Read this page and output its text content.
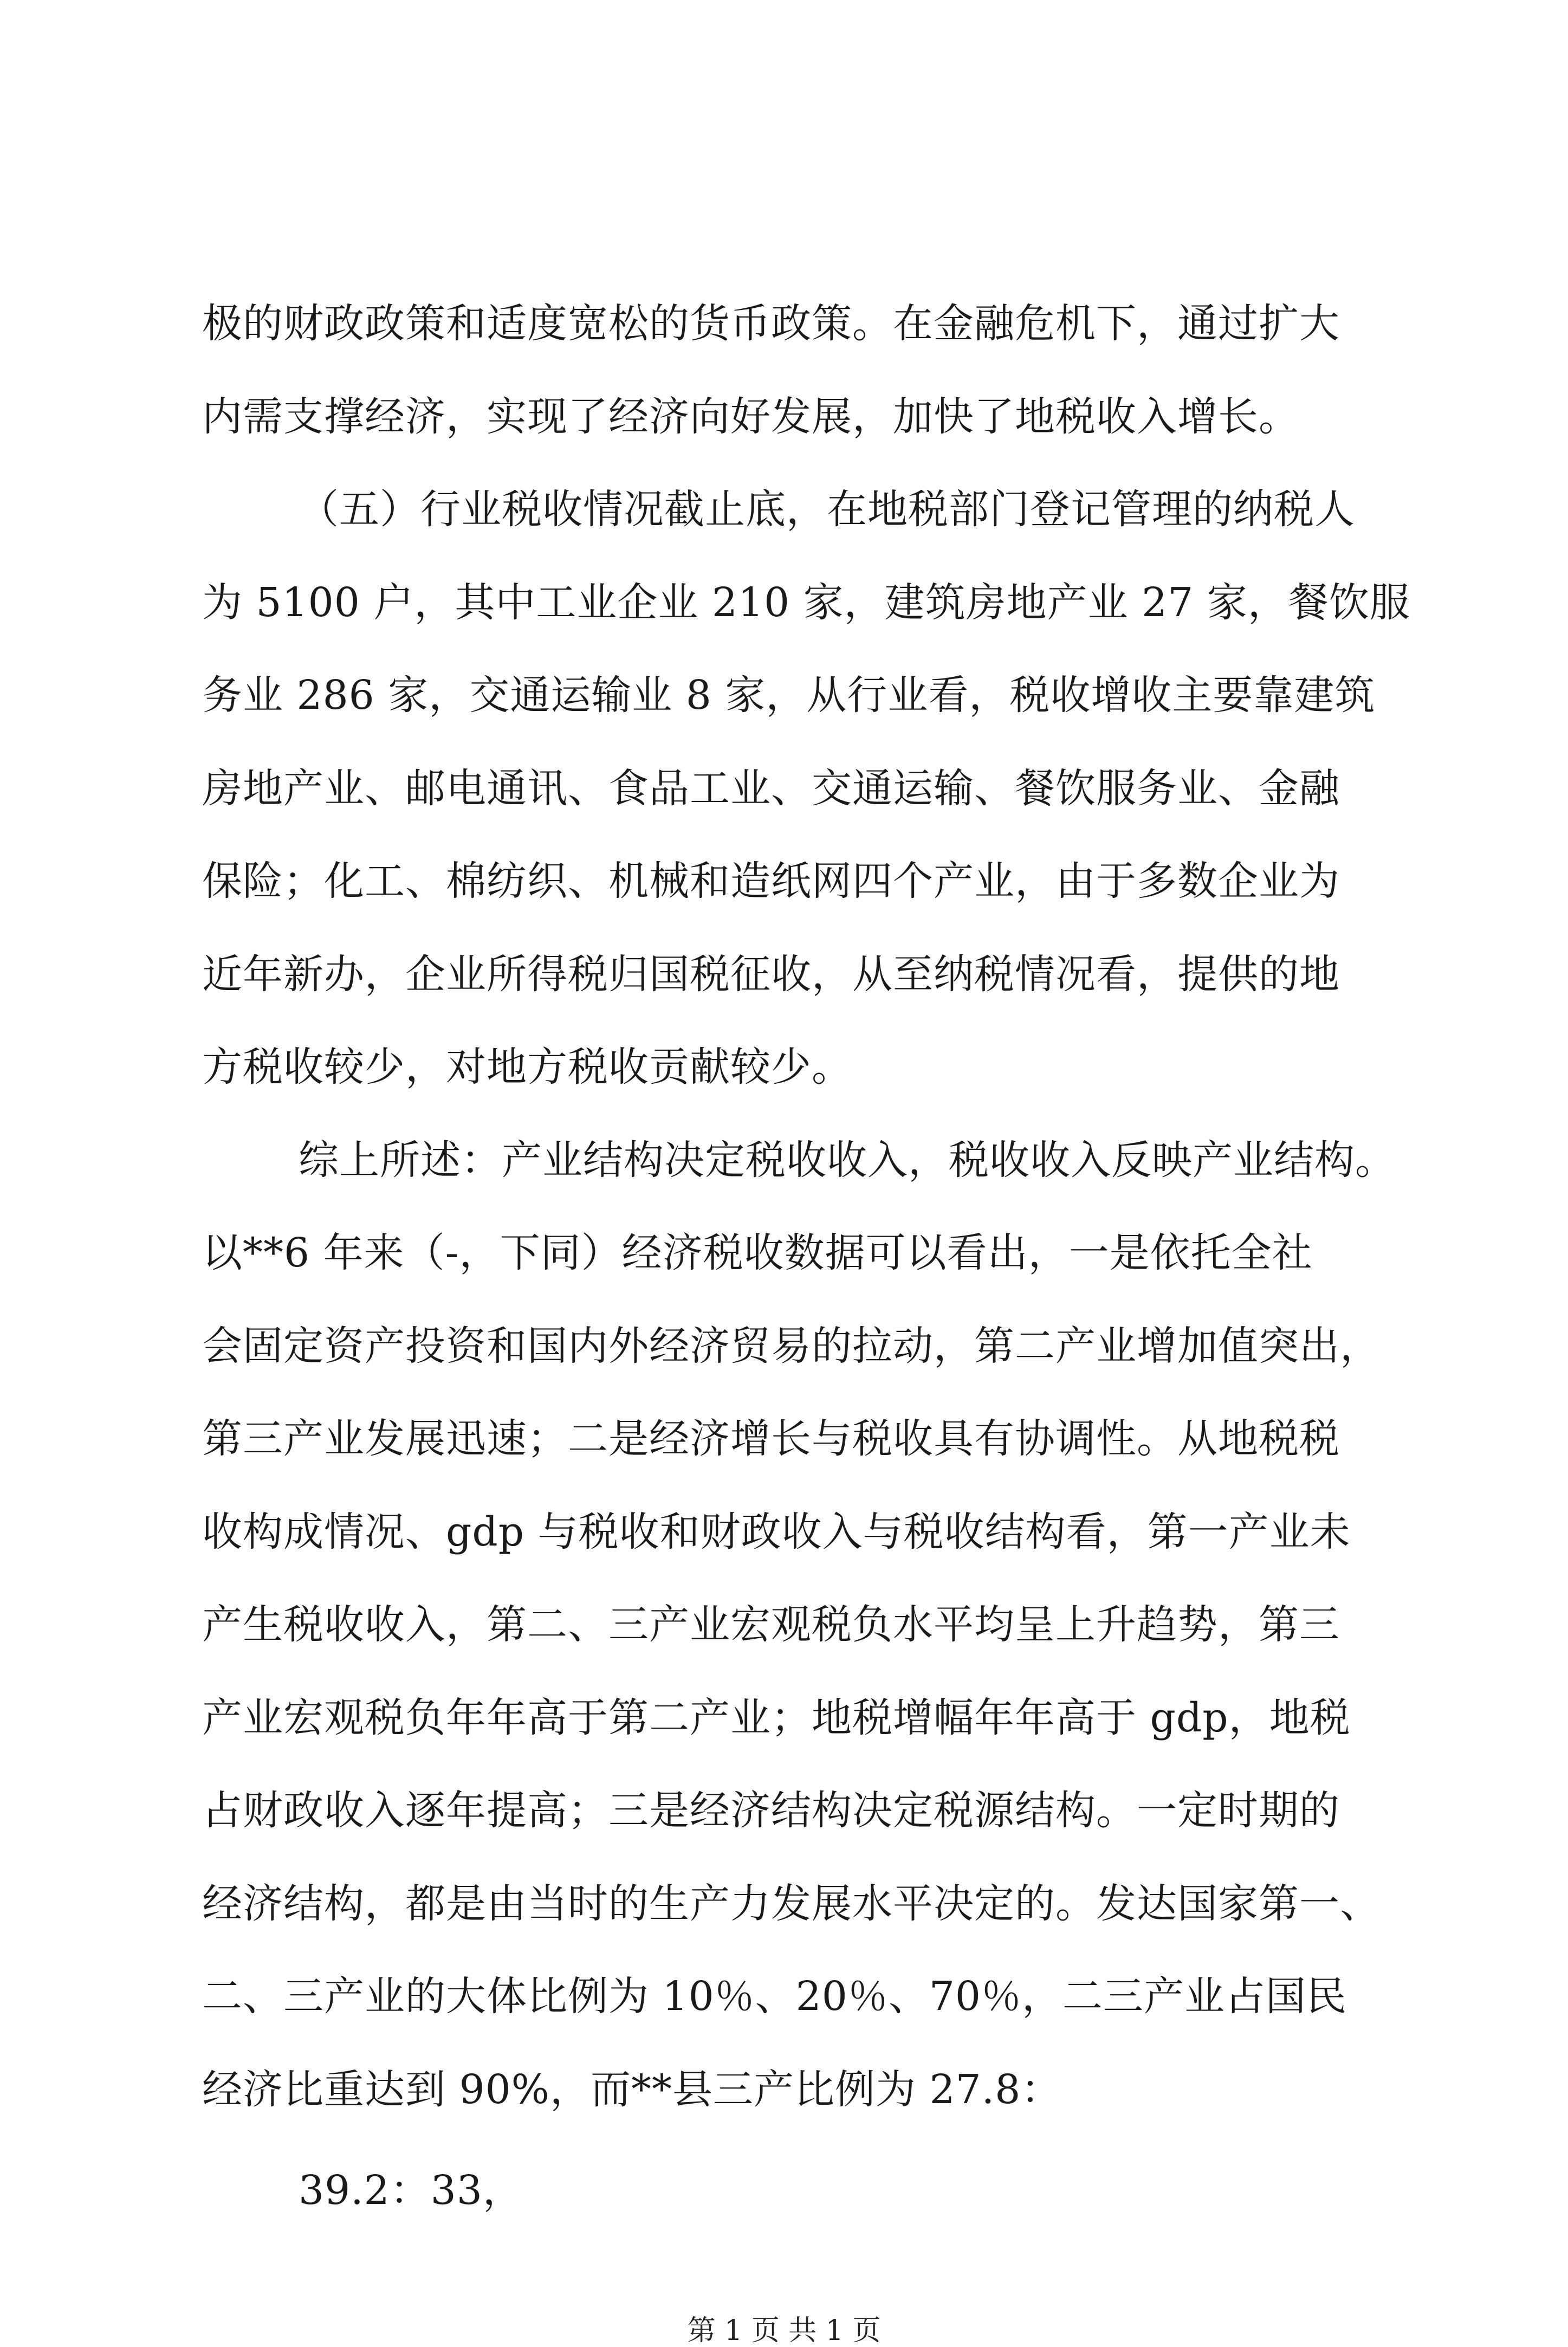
极的财政政策和适度宽松的货币政策。在金融危机下，通过扩大
内需支撑经济，实现了经济向好发展，加快了地税收入增长。
（五）行业税收情况截止底，在地税部门登记管理的纳税人
为 5100 户，其中工业企业 210 家，建筑房地产业 27 家，餐饮服
务业 286 家，交通运输业 8 家，从行业看，税收增收主要靠建筑
房地产业、邮电通讯、食品工业、交通运输、餐饮服务业、金融
保险；化工、棉纺织、机械和造纸网四个产业，由于多数企业为
近年新办，企业所得税归国税征收，从至纳税情况看，提供的地
方税收较少，对地方税收贡献较少。
综上所述：产业结构决定税收收入，税收收入反映产业结构。
以**6 年来（-，下同）经济税收数据可以看出，一是依托全社
会固定资产投资和国内外经济贸易的拉动，第二产业增加值突出，
第三产业发展迅速；二是经济增长与税收具有协调性。从地税税
收构成情况、gdp 与税收和财政收入与税收结构看，第一产业未
产生税收收入，第二、三产业宏观税负水平均呈上升趋势，第三
产业宏观税负年年高于第二产业；地税增幅年年高于 gdp，地税
占财政收入逐年提高；三是经济结构决定税源结构。一定时期的
经济结构，都是由当时的生产力发展水平决定的。发达国家第一、
二、三产业的大体比例为 10％、20％、70％，二三产业占国民
经济比重达到 90%，而**县三产比例为 27.8：
39.2：33，
第 1 页 共 1 页
